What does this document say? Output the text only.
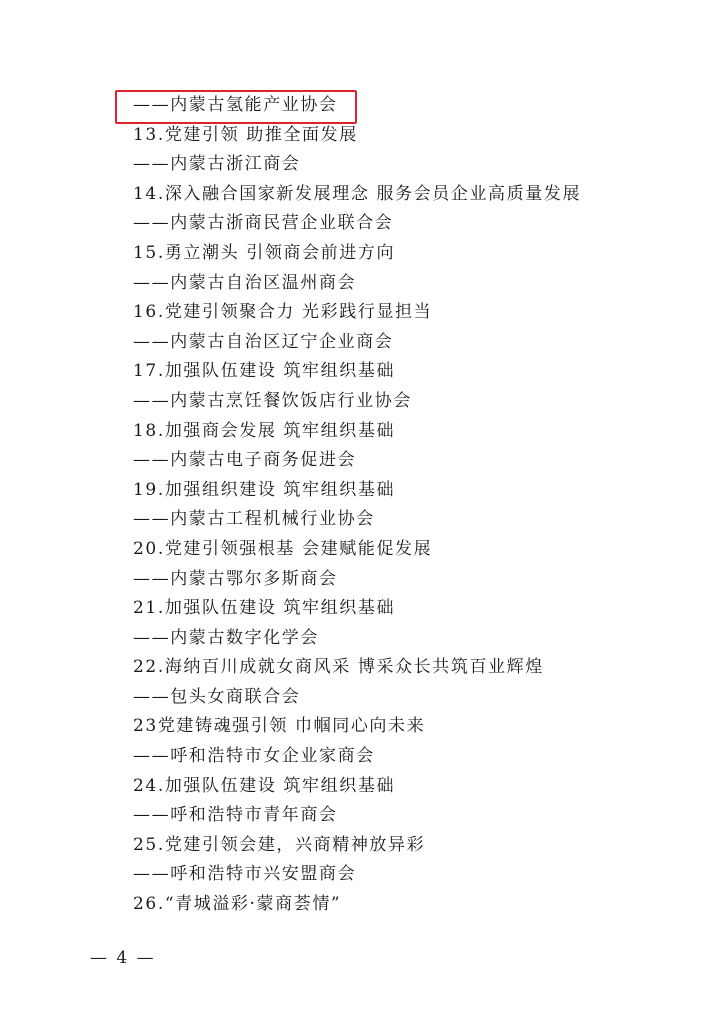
——内蒙古氢能产业协会
13.党建引领 助推全面发展
——内蒙古浙江商会
14.深入融合国家新发展理念 服务会员企业高质量发展
——内蒙古浙商民营企业联合会
15.勇立潮头 引领商会前进方向
——内蒙古自治区温州商会
16.党建引领聚合力 光彩践行显担当
——内蒙古自治区辽宁企业商会
17.加强队伍建设 筑牢组织基础
——内蒙古烹饪餐饮饭店行业协会
18.加强商会发展 筑牢组织基础
——内蒙古电子商务促进会
19.加强组织建设 筑牢组织基础
——内蒙古工程机械行业协会
20.党建引领强根基 会建赋能促发展
——内蒙古鄂尔多斯商会
21.加强队伍建设 筑牢组织基础
——内蒙古数字化学会
22.海纳百川成就女商风采 博采众长共筑百业辉煌
——包头女商联合会
23党建铸魂强引领 巾帼同心向未来
——呼和浩特市女企业家商会
24.加强队伍建设 筑牢组织基础
——呼和浩特市青年商会
25.党建引领会建，兴商精神放异彩
——呼和浩特市兴安盟商会
26.“青城溢彩·蒙商荟情”
— 4 —
